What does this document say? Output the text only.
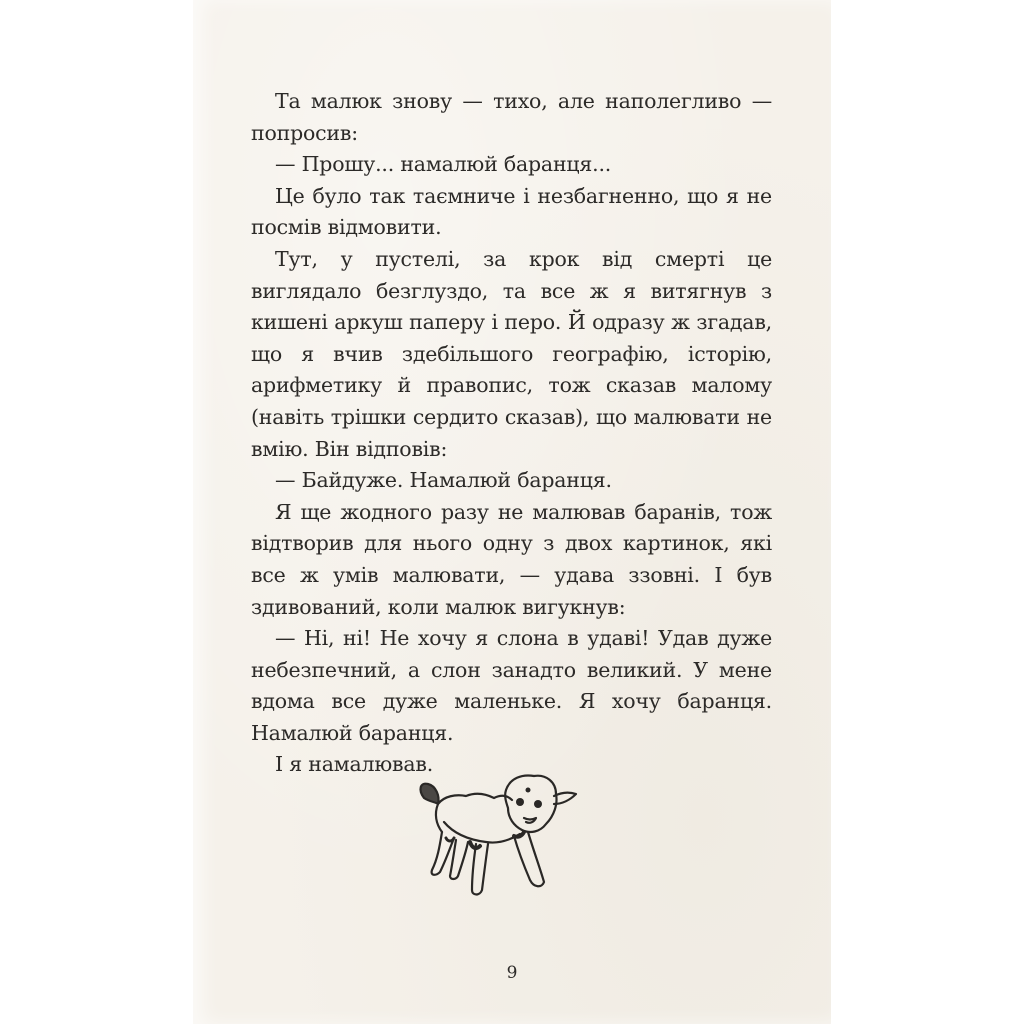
Та малюк знову — тихо, але наполегливо — попросив:

— Прошу... намалюй баранця...

Це було так таємниче і незбагненно, що я не посмів відмовити.

Тут, у пустелі, за крок від смерті це виглядало безглуздо, та все ж я витягнув з кишені аркуш паперу і перо. Й одразу ж згадав, що я вчив здебільшого географію, історію, арифметику й правопис, тож сказав малому (навіть трішки сердито сказав), що малювати не вмію. Він відповів:

— Байдуже. Намалюй баранця.

Я ще жодного разу не малював баранів, тож відтворив для нього одну з двох картинок, які все ж умів малювати, — удава ззовні. І був здивований, коли малюк вигукнув:

— Ні, ні! Не хочу я слона в удаві! Удав дуже небезпечний, а слон занадто великий. У мене вдома все дуже маленьке. Я хочу баранця. Намалюй баранця.

І я намалював.

9
